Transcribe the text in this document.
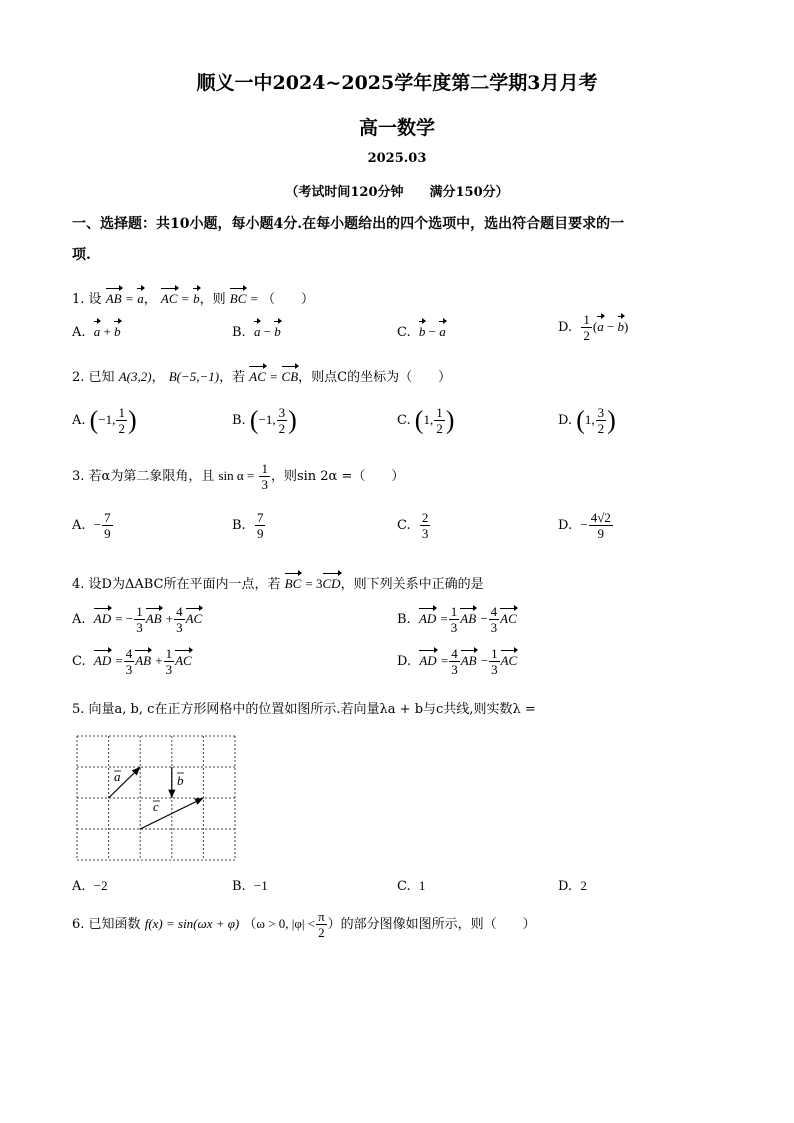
顺义一中2024~2025学年度第二学期3月月考
高一数学
2025.03
（考试时间120分钟　　满分150分）
一、选择题：共10小题，每小题4分.在每小题给出的四个选项中，选出符合题目要求的一
项.
1. 设 AB = a， AC = b，则 BC = （　　）
A. a + b	B. a − b	C. b − a	D. $\frac{1}{2} (a - b)$
2. 已知 A(3,2)， B(−5,−1)，若 AC = CB，则点C的坐标为（　　）
A. (−1, $\frac{1}{2}$ )	B. (−1, $\frac{3}{2}$ )	C. (1, $\frac{1}{2}$ )	D. (1, $\frac{3}{2}$ )
3. 若α为第二象限角，且 $\sin \alpha = \frac{1}{3}$ ，则sin 2α =（　　）
A. − $\frac{7}{9}$	B. $\frac{7}{9}$	C. $\frac{2}{3}$	D. − $\frac{4√2}{9}$
4. 设D为ΔABC所在平面内一点，若 BC = 3CD，则下列关系中正确的是
A. AD = − $\frac{1}{3}$ AB + $\frac{4}{3}$ AC	B. AD = $\frac{1}{3}$ AB − $\frac{4}{3}$ AC
C. AD = $\frac{4}{3}$ AB + $\frac{1}{3}$ AC	D. AD = $\frac{4}{3}$ AB − $\frac{1}{3}$ AC
5. 向量a, b, c在正方形网格中的位置如图所示.若向量λa + b与c共线,则实数λ =
a	b
c
A. −2	B. −1	C. 1	D. 2
6. 已知函数 f(x) = sin(ωx + φ) （ω > 0, $|\varphi| < \frac{\pi}{2}$ ）的部分图像如图所示，则（　　）
